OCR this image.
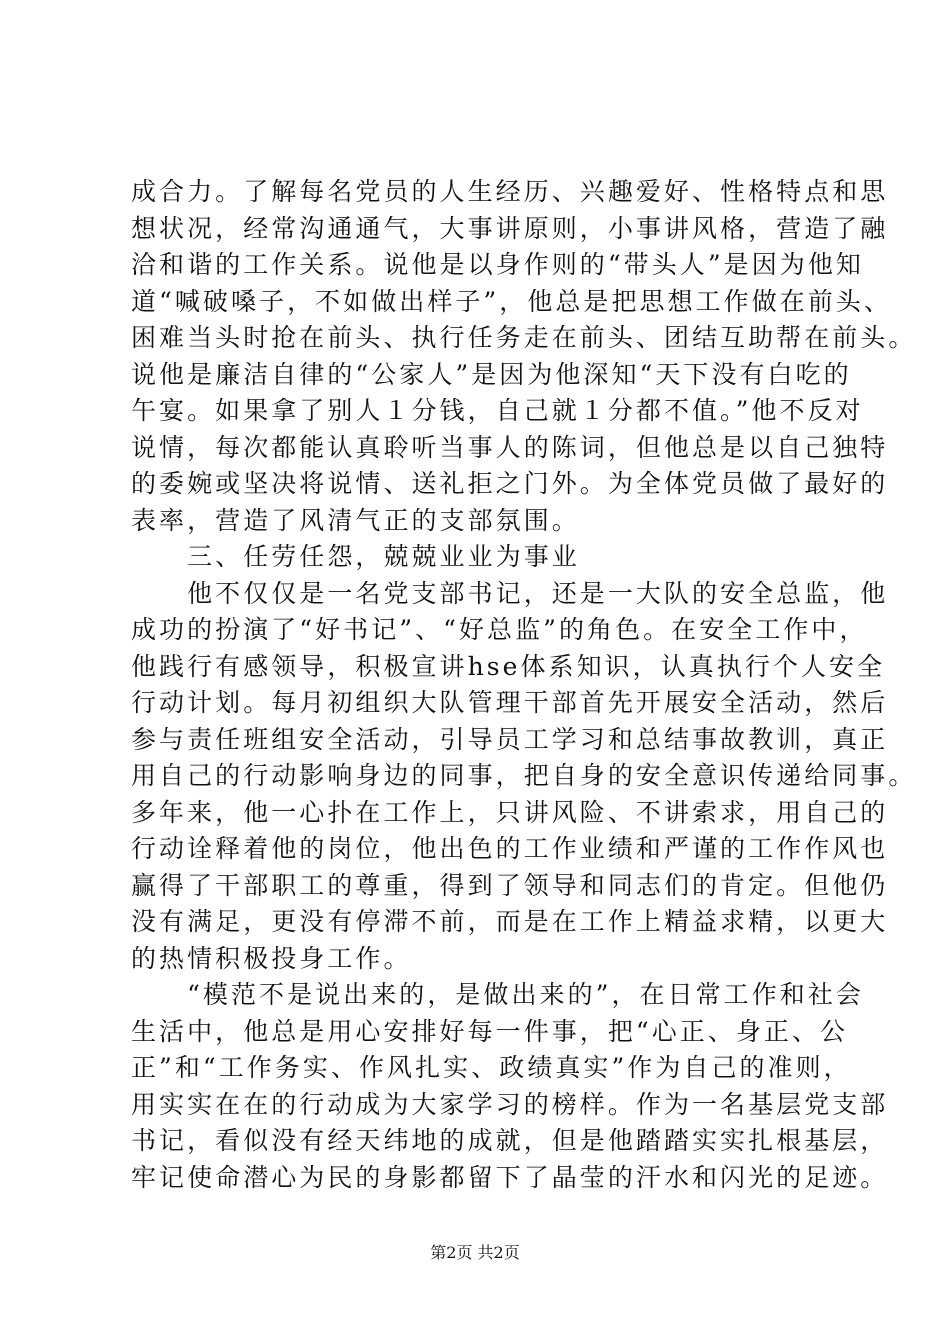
成合力。了解每名党员的人生经历、兴趣爱好、性格特点和思
想状况，经常沟通通气，大事讲原则，小事讲风格，营造了融
洽和谐的工作关系。说他是以身作则的“带头人”是因为他知
道“喊破嗓子，不如做出样子”，他总是把思想工作做在前头、
困难当头时抢在前头、执行任务走在前头、团结互助帮在前头。
说他是廉洁自律的“公家人”是因为他深知“天下没有白吃的
午宴。如果拿了别人１分钱，自己就１分都不值。”他不反对
说情，每次都能认真聆听当事人的陈词，但他总是以自己独特
的委婉或坚决将说情、送礼拒之门外。为全体党员做了最好的
表率，营造了风清气正的支部氛围。
　　三、任劳任怨，兢兢业业为事业
　　他不仅仅是一名党支部书记，还是一大队的安全总监，他
成功的扮演了“好书记”、“好总监”的角色。在安全工作中，
他践行有感领导，积极宣讲hse体系知识，认真执行个人安全
行动计划。每月初组织大队管理干部首先开展安全活动，然后
参与责任班组安全活动，引导员工学习和总结事故教训，真正
用自己的行动影响身边的同事，把自身的安全意识传递给同事。
多年来，他一心扑在工作上，只讲风险、不讲索求，用自己的
行动诠释着他的岗位，他出色的工作业绩和严谨的工作作风也
赢得了干部职工的尊重，得到了领导和同志们的肯定。但他仍
没有满足，更没有停滞不前，而是在工作上精益求精，以更大
的热情积极投身工作。
　　“模范不是说出来的，是做出来的”，在日常工作和社会
生活中，他总是用心安排好每一件事，把“心正、身正、公
正”和“工作务实、作风扎实、政绩真实”作为自己的准则，
用实实在在的行动成为大家学习的榜样。作为一名基层党支部
书记，看似没有经天纬地的成就，但是他踏踏实实扎根基层，
牢记使命潜心为民的身影都留下了晶莹的汗水和闪光的足迹。
第2页 共2页
